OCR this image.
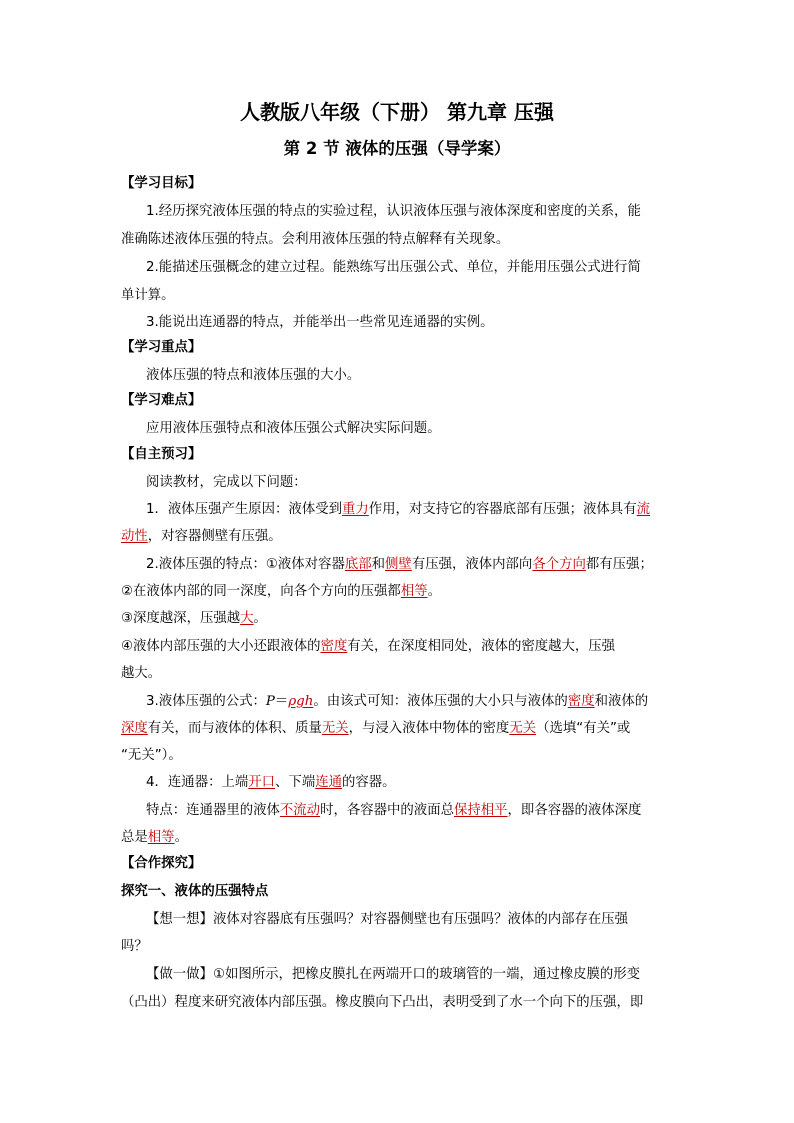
人教版八年级（下册） 第九章 压强
第 2 节 液体的压强（导学案）
【学习目标】
1.经历探究液体压强的特点的实验过程，认识液体压强与液体深度和密度的关系，能
准确陈述液体压强的特点。会利用液体压强的特点解释有关现象。
2.能描述压强概念的建立过程。能熟练写出压强公式、单位，并能用压强公式进行简
单计算。
3.能说出连通器的特点，并能举出一些常见连通器的实例。
【学习重点】
液体压强的特点和液体压强的大小。
【学习难点】
应用液体压强特点和液体压强公式解决实际问题。
【自主预习】
阅读教材，完成以下问题：
1．液体压强产生原因：液体受到重力作用，对支持它的容器底部有压强；液体具有流
动性，对容器侧壁有压强。
2.液体压强的特点：①液体对容器底部和侧壁有压强，液体内部向各个方向都有压强；
②在液体内部的同一深度，向各个方向的压强都相等。
③深度越深，压强越大。
④液体内部压强的大小还跟液体的密度有关，在深度相同处，液体的密度越大，压强
越大。
3.液体压强的公式：P＝ρgh。由该式可知：液体压强的大小只与液体的密度和液体的
深度有关，而与液体的体积、质量无关，与浸入液体中物体的密度无关（选填“有关”或
“无关”）。
4．连通器：上端开口、下端连通的容器。
特点：连通器里的液体不流动时，各容器中的液面总保持相平，即各容器的液体深度
总是相等。
【合作探究】
探究一、液体的压强特点
【想一想】液体对容器底有压强吗？对容器侧壁也有压强吗？液体的内部存在压强
吗？
【做一做】①如图所示，把橡皮膜扎在两端开口的玻璃管的一端，通过橡皮膜的形变
（凸出）程度来研究液体内部压强。橡皮膜向下凸出，表明受到了水一个向下的压强，即
